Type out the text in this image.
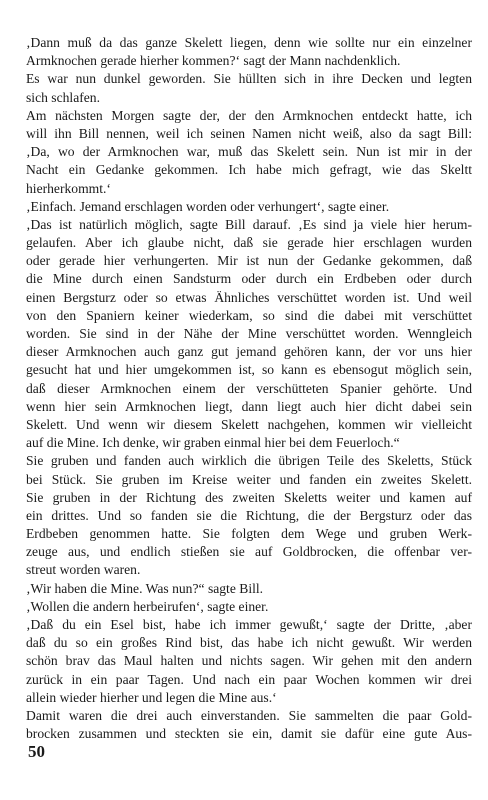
‚Dann muß da das ganze Skelett liegen, denn wie sollte nur ein einzelner
Armknochen gerade hierher kommen?‘ sagt der Mann nachdenklich.
Es war nun dunkel geworden. Sie hüllten sich in ihre Decken und legten
sich schlafen.
Am nächsten Morgen sagte der, der den Armknochen entdeckt hatte, ich
will ihn Bill nennen, weil ich seinen Namen nicht weiß, also da sagt Bill:
‚Da, wo der Armknochen war, muß das Skelett sein. Nun ist mir in der
Nacht ein Gedanke gekommen. Ich habe mich gefragt, wie das Skeltt
hierherkommt.‘
‚Einfach. Jemand erschlagen worden oder verhungert‘, sagte einer.
‚Das ist natürlich möglich, sagte Bill darauf. ‚Es sind ja viele hier herum-
gelaufen. Aber ich glaube nicht, daß sie gerade hier erschlagen wurden
oder gerade hier verhungerten. Mir ist nun der Gedanke gekommen, daß
die Mine durch einen Sandsturm oder durch ein Erdbeben oder durch
einen Bergsturz oder so etwas Ähnliches verschüttet worden ist. Und weil
von den Spaniern keiner wiederkam, so sind die dabei mit verschüttet
worden. Sie sind in der Nähe der Mine verschüttet worden. Wenngleich
dieser Armknochen auch ganz gut jemand gehören kann, der vor uns hier
gesucht hat und hier umgekommen ist, so kann es ebensogut möglich sein,
daß dieser Armknochen einem der verschütteten Spanier gehörte. Und
wenn hier sein Armknochen liegt, dann liegt auch hier dicht dabei sein
Skelett. Und wenn wir diesem Skelett nachgehen, kommen wir vielleicht
auf die Mine. Ich denke, wir graben einmal hier bei dem Feuerloch.“
Sie gruben und fanden auch wirklich die übrigen Teile des Skeletts, Stück
bei Stück. Sie gruben im Kreise weiter und fanden ein zweites Skelett.
Sie gruben in der Richtung des zweiten Skeletts weiter und kamen auf
ein drittes. Und so fanden sie die Richtung, die der Bergsturz oder das
Erdbeben genommen hatte. Sie folgten dem Wege und gruben Werk-
zeuge aus, und endlich stießen sie auf Goldbrocken, die offenbar ver-
streut worden waren.
‚Wir haben die Mine. Was nun?“ sagte Bill.
‚Wollen die andern herbeirufen‘, sagte einer.
‚Daß du ein Esel bist, habe ich immer gewußt,‘ sagte der Dritte, ‚aber
daß du so ein großes Rind bist, das habe ich nicht gewußt. Wir werden
schön brav das Maul halten und nichts sagen. Wir gehen mit den andern
zurück in ein paar Tagen. Und nach ein paar Wochen kommen wir drei
allein wieder hierher und legen die Mine aus.‘
Damit waren die drei auch einverstanden. Sie sammelten die paar Gold-
brocken zusammen und steckten sie ein, damit sie dafür eine gute Aus-
50
